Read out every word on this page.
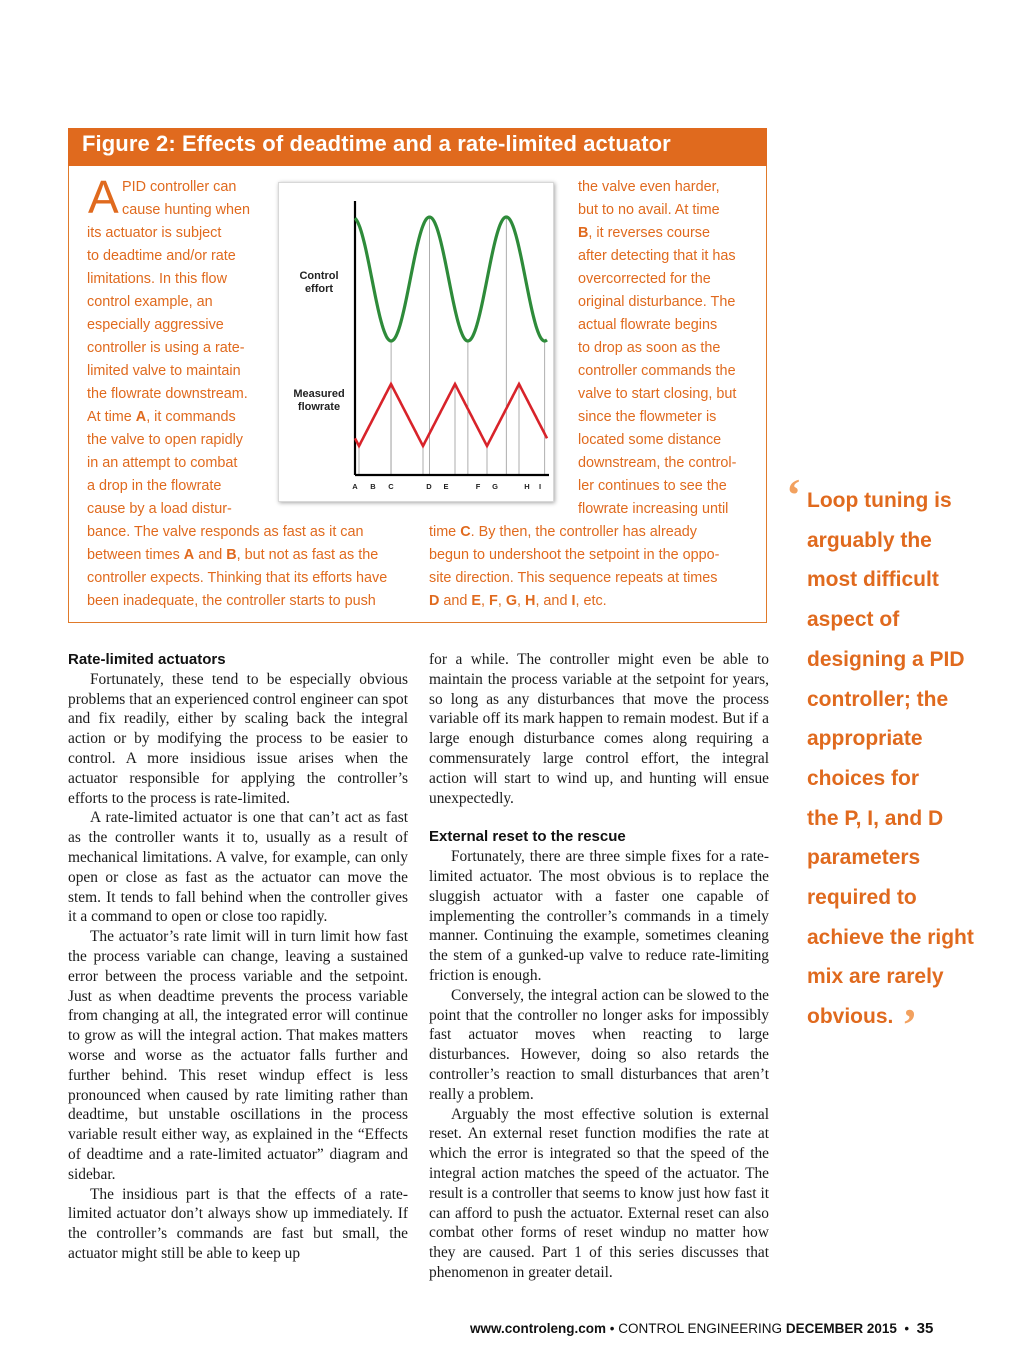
Figure 2: Effects of deadtime and a rate-limited actuator
A PID controller can
cause hunting when
its actuator is subject
to deadtime and/or rate
limitations. In this flow
control example, an
especially aggressive
controller is using a rate-
limited valve to maintain
the flowrate downstream.
At time A, it commands
the valve to open rapidly
in an attempt to combat
a drop in the flowrate
cause by a load distur-
the valve even harder,
but to no avail. At time
B, it reverses course
after detecting that it has
overcorrected for the
original disturbance. The
actual flowrate begins
to drop as soon as the
controller commands the
valve to start closing, but
since the flowmeter is
located some distance
downstream, the control-
ler continues to see the
flowrate increasing until
bance. The valve responds as fast as it can
between times A and B, but not as fast as the
controller expects. Thinking that its efforts have
been inadequate, the controller starts to push
time C. By then, the controller has already
begun to undershoot the setpoint in the oppo-
site direction. This sequence repeats at times
D and E, F, G, H, and I, etc.
Control
effort
Measured
flowrate
A B C	D E	F G	H I
Rate-limited actuators

Fortunately, these tend to be especially obvious problems that an experienced control engineer can spot and fix readily, either by scaling back the integral action or by modifying the process to be easier to control. A more insidious issue arises when the actuator responsible for applying the controller’s efforts to the process is rate-limited.

A rate-limited actuator is one that can’t act as fast as the controller wants it to, usually as a result of mechanical limitations. A valve, for example, can only open or close as fast as the actuator can move the stem. It tends to fall behind when the controller gives it a command to open or close too rapidly.

The actuator’s rate limit will in turn limit how fast the process variable can change, leaving a sustained error between the process variable and the setpoint. Just as when deadtime prevents the process variable from changing at all, the integrated error will continue to grow as will the integral action. That makes matters worse and worse as the actuator falls further and further behind. This reset windup effect is less pronounced when caused by rate limiting rather than deadtime, but unstable oscillations in the process variable result either way, as explained in the “Effects of deadtime and a rate-limited actuator” diagram and sidebar.

The insidious part is that the effects of a rate-limited actuator don’t always show up immediately. If the controller’s commands are fast but small, the actuator might still be able to keep up

for a while. The controller might even be able to maintain the process variable at the setpoint for years, so long as any disturbances that move the process variable off its mark happen to remain modest. But if a large enough disturbance comes along requiring a commensurately large control effort, the integral action will start to wind up, and hunting will ensue unexpectedly.

External reset to the rescue

Fortunately, there are three simple fixes for a rate-limited actuator. The most obvious is to replace the sluggish actuator with a faster one capable of implementing the controller’s commands in a timely manner. Continuing the example, sometimes cleaning the stem of a gunked-up valve to reduce rate-limiting friction is enough.

Conversely, the integral action can be slowed to the point that the controller no longer asks for impossibly fast actuator moves when reacting to large disturbances. However, doing so also retards the controller’s reaction to small disturbances that aren’t really a problem.

Arguably the most effective solution is external reset. An external reset function modifies the rate at which the error is integrated so that the speed of the integral action matches the speed of the actuator. The result is a controller that seems to know just how fast it can afford to push the actuator. External reset can also combat other forms of reset windup no matter how they are caused. Part 1 of this series discusses that phenomenon in greater detail.

‘ Loop tuning is
arguably the
most difficult
aspect of
designing a PID
controller; the
appropriate
choices for
the P, I, and D
parameters
required to
achieve the right
mix are rarely
obvious. ’
www.controleng.com • CONTROL ENGINEERING DECEMBER 2015 • 35
